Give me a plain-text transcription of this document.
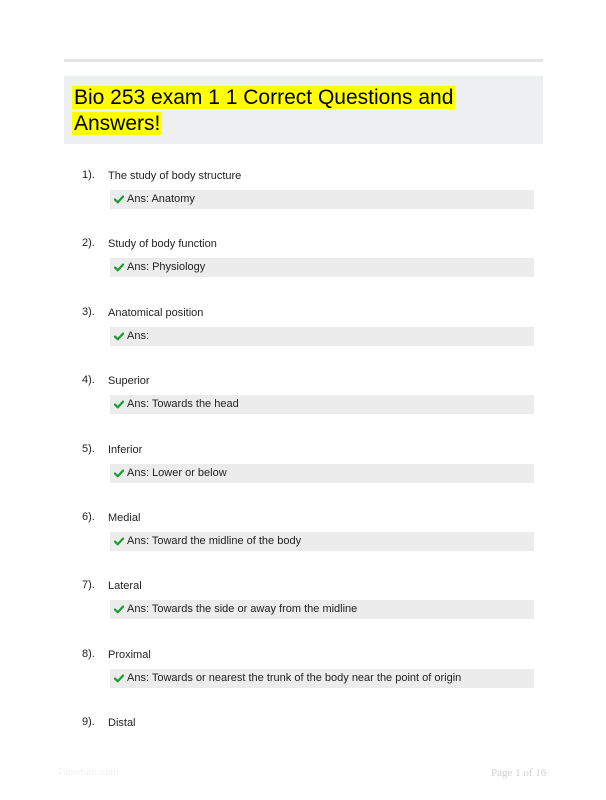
Bio 253 exam 1 1 Correct Questions and Answers!
1). The study of body structure
Ans: Anatomy
2). Study of body function
Ans: Physiology
3). Anatomical position
Ans:
4). Superior
Ans: Towards the head
5). Inferior
Ans: Lower or below
6). Medial
Ans: Toward the midline of the body
7). Lateral
Ans: Towards the side or away from the midline
8). Proximal
Ans: Towards or nearest the trunk of the body near the point of origin
9). Distal
Paperbitic.com	Page 1 of 16
